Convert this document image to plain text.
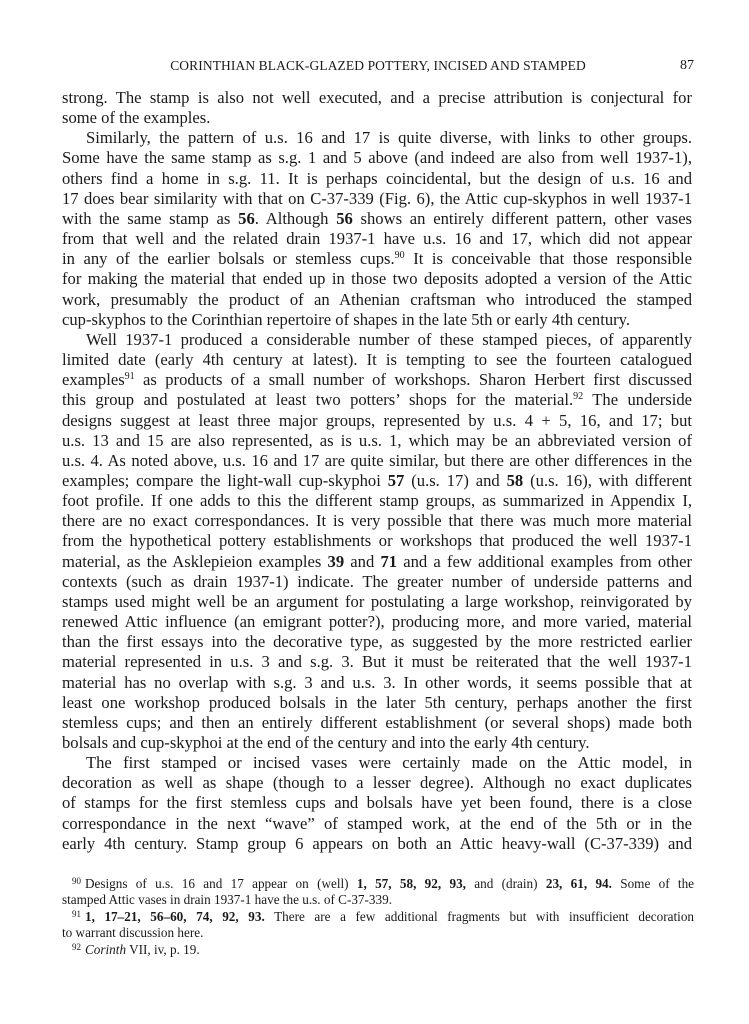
CORINTHIAN BLACK-GLAZED POTTERY, INCISED AND STAMPED	87
strong. The stamp is also not well executed, and a precise attribution is conjectural for
some of the examples.
Similarly, the pattern of u.s. 16 and 17 is quite diverse, with links to other groups.
Some have the same stamp as s.g. 1 and 5 above (and indeed are also from well 1937-1),
others find a home in s.g. 11. It is perhaps coincidental, but the design of u.s. 16 and
17 does bear similarity with that on C-37-339 (Fig. 6), the Attic cup-skyphos in well 1937-1
with the same stamp as 56. Although 56 shows an entirely different pattern, other vases
from that well and the related drain 1937-1 have u.s. 16 and 17, which did not appear
in any of the earlier bolsals or stemless cups.$^{90}$ It is conceivable that those responsible
for making the material that ended up in those two deposits adopted a version of the Attic
work, presumably the product of an Athenian craftsman who introduced the stamped
cup-skyphos to the Corinthian repertoire of shapes in the late 5th or early 4th century.
Well 1937-1 produced a considerable number of these stamped pieces, of apparently
limited date (early 4th century at latest). It is tempting to see the fourteen catalogued
examples$^{91}$ as products of a small number of workshops. Sharon Herbert first discussed
this group and postulated at least two potters’ shops for the material.$^{92}$ The underside
designs suggest at least three major groups, represented by u.s. 4 + 5, 16, and 17; but
u.s. 13 and 15 are also represented, as is u.s. 1, which may be an abbreviated version of
u.s. 4. As noted above, u.s. 16 and 17 are quite similar, but there are other differences in the
examples; compare the light-wall cup-skyphoi 57 (u.s. 17) and 58 (u.s. 16), with different
foot profile. If one adds to this the different stamp groups, as summarized in Appendix I,
there are no exact correspondances. It is very possible that there was much more material
from the hypothetical pottery establishments or workshops that produced the well 1937-1
material, as the Asklepieion examples 39 and 71 and a few additional examples from other
contexts (such as drain 1937-1) indicate. The greater number of underside patterns and
stamps used might well be an argument for postulating a large workshop, reinvigorated by
renewed Attic influence (an emigrant potter?), producing more, and more varied, material
than the first essays into the decorative type, as suggested by the more restricted earlier
material represented in u.s. 3 and s.g. 3. But it must be reiterated that the well 1937-1
material has no overlap with s.g. 3 and u.s. 3. In other words, it seems possible that at
least one workshop produced bolsals in the later 5th century, perhaps another the first
stemless cups; and then an entirely different establishment (or several shops) made both
bolsals and cup-skyphoi at the end of the century and into the early 4th century.
The first stamped or incised vases were certainly made on the Attic model, in
decoration as well as shape (though to a lesser degree). Although no exact duplicates
of stamps for the first stemless cups and bolsals have yet been found, there is a close
correspondance in the next “wave” of stamped work, at the end of the 5th or in the
early 4th century. Stamp group 6 appears on both an Attic heavy-wall (C-37-339) and
$^{90}$ Designs of u.s. 16 and 17 appear on (well) 1, 57, 58, 92, 93, and (drain) 23, 61, 94. Some of the
stamped Attic vases in drain 1937-1 have the u.s. of C-37-339.
$^{91}$ 1, 17–21, 56–60, 74, 92, 93. There are a few additional fragments but with insufficient decoration
to warrant discussion here.
$^{92}$ Corinth VII, iv, p. 19.
